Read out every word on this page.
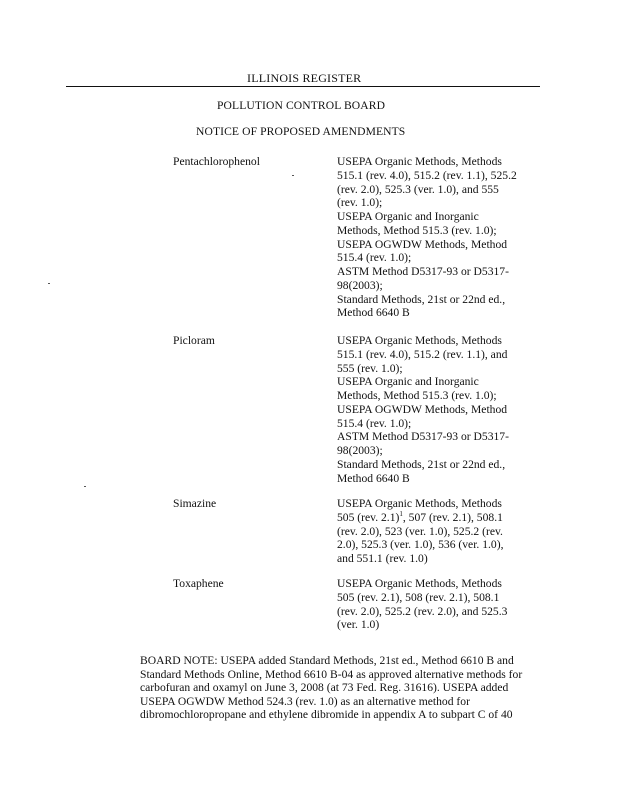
ILLINOIS REGISTER
POLLUTION CONTROL BOARD
NOTICE OF PROPOSED AMENDMENTS
Pentachlorophenol	USEPA Organic Methods, Methods
515.1 (rev. 4.0), 515.2 (rev. 1.1), 525.2
(rev. 2.0), 525.3 (ver. 1.0), and 555
(rev. 1.0);
USEPA Organic and Inorganic
Methods, Method 515.3 (rev. 1.0);
USEPA OGWDW Methods, Method
515.4 (rev. 1.0);
ASTM Method D5317-93 or D5317-
98(2003);
Standard Methods, 21st or 22nd ed.,
Method 6640 B
Picloram	USEPA Organic Methods, Methods
515.1 (rev. 4.0), 515.2 (rev. 1.1), and
555 (rev. 1.0);
USEPA Organic and Inorganic
Methods, Method 515.3 (rev. 1.0);
USEPA OGWDW Methods, Method
515.4 (rev. 1.0);
ASTM Method D5317-93 or D5317-
98(2003);
Standard Methods, 21st or 22nd ed.,
Method 6640 B
Simazine	USEPA Organic Methods, Methods
505 (rev. 2.1)$^1$, 507 (rev. 2.1), 508.1
(rev. 2.0), 523 (ver. 1.0), 525.2 (rev.
2.0), 525.3 (ver. 1.0), 536 (ver. 1.0),
and 551.1 (rev. 1.0)
Toxaphene	USEPA Organic Methods, Methods
505 (rev. 2.1), 508 (rev. 2.1), 508.1
(rev. 2.0), 525.2 (rev. 2.0), and 525.3
(ver. 1.0)
BOARD NOTE: USEPA added Standard Methods, 21st ed., Method 6610 B and
Standard Methods Online, Method 6610 B-04 as approved alternative methods for
carbofuran and oxamyl on June 3, 2008 (at 73 Fed. Reg. 31616). USEPA added
USEPA OGWDW Method 524.3 (rev. 1.0) as an alternative method for
dibromochloropropane and ethylene dibromide in appendix A to subpart C of 40
